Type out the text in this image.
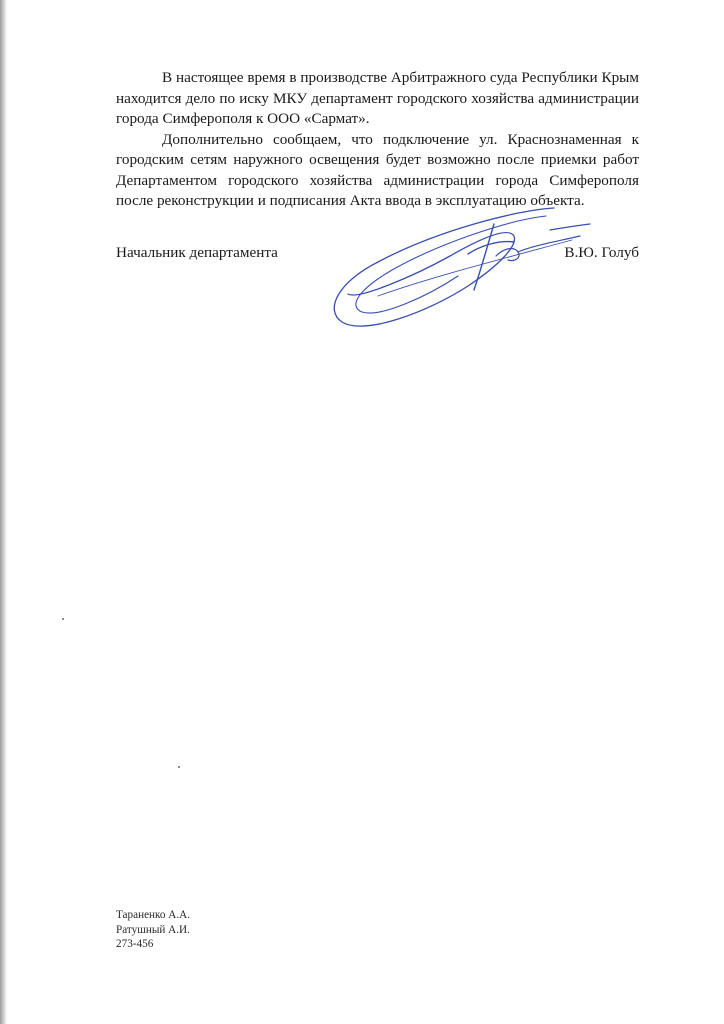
В настоящее время в производстве Арбитражного суда Республики Крым находится дело по иску МКУ департамент городского хозяйства администрации города Симферополя к ООО «Сармат».

Дополнительно сообщаем, что подключение ул. Краснознаменная к городским сетям наружного освещения будет возможно после приемки работ Департаментом городского хозяйства администрации города Симферополя после реконструкции и подписания Акта ввода в эксплуатацию объекта.

Начальник департамента	В.Ю. Голуб
Тараненко А.А.
Ратушный А.И.
273-456
